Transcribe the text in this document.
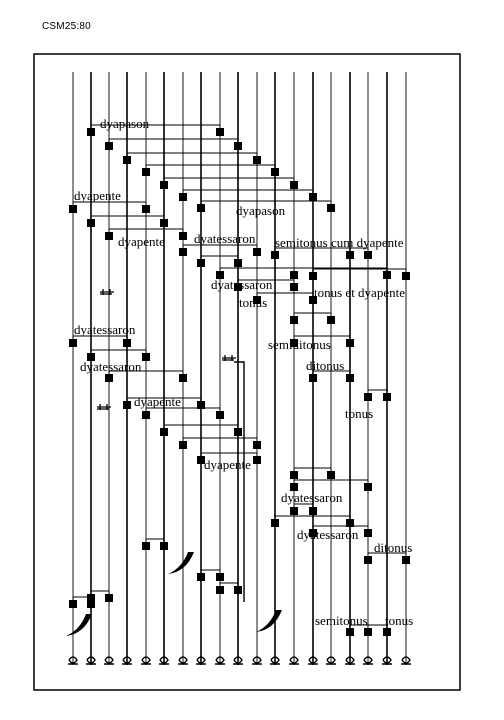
CSM25:80
dyapason
dyapente
dyapason
dyapente dyatessaron semitonus cum dyapente
dyatessaron
tonus
tonus et dyapente
dyatessaron
semiditonus
dyatessaron	ditonus
dyapente
tonus
dyapente
dyatessaron
dyatessaron
ditonus
semitonus tonus
